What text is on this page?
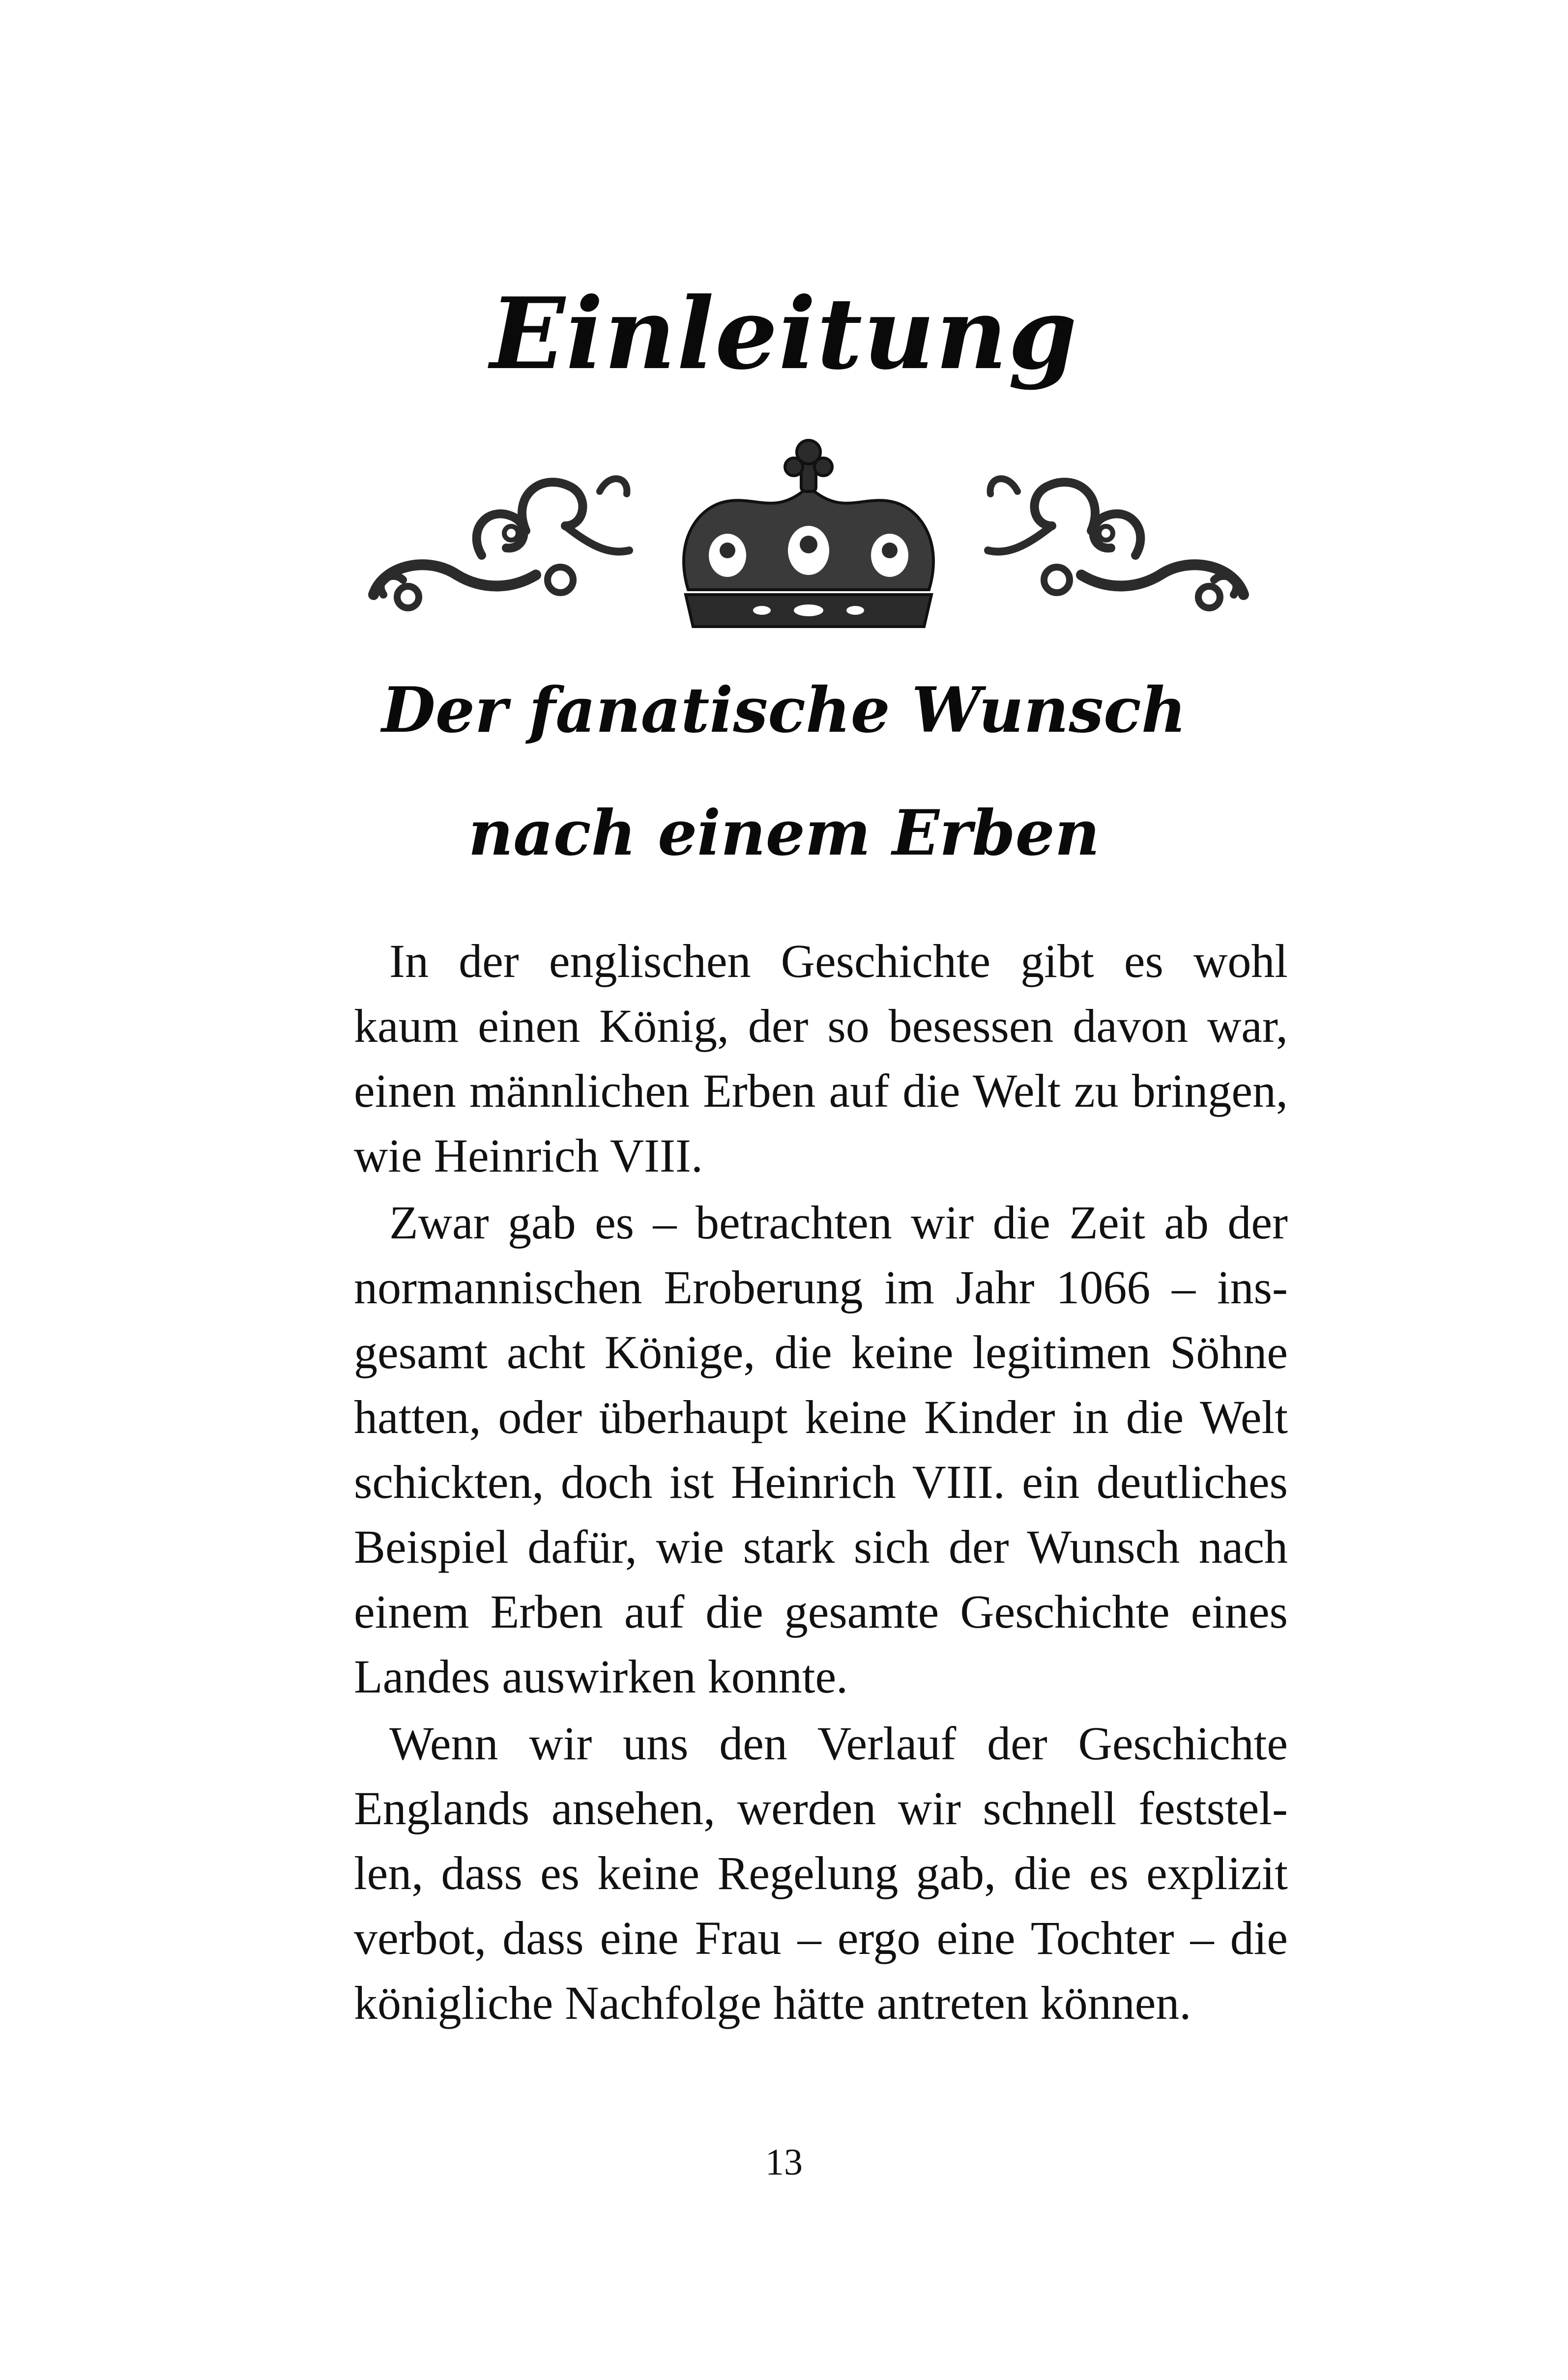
Einleitung
Der fanatische Wunsch
nach einem Erben

In der englischen Geschichte gibt es wohl kaum einen König, der so besessen davon war, einen männlichen Erben auf die Welt zu bringen, wie Heinrich VIII.

Zwar gab es – betrachten wir die Zeit ab der normannischen Eroberung im Jahr 1066 – insgesamt acht Könige, die keine legitimen Söhne hatten, oder überhaupt keine Kinder in die Welt schickten, doch ist Heinrich VIII. ein deutliches Beispiel dafür, wie stark sich der Wunsch nach einem Erben auf die gesamte Geschichte eines Landes auswirken konnte.

Wenn wir uns den Verlauf der Geschichte Englands ansehen, werden wir schnell feststellen, dass es keine Regelung gab, die es explizit verbot, dass eine Frau – ergo eine Tochter – die königliche Nachfolge hätte antreten können.

13
